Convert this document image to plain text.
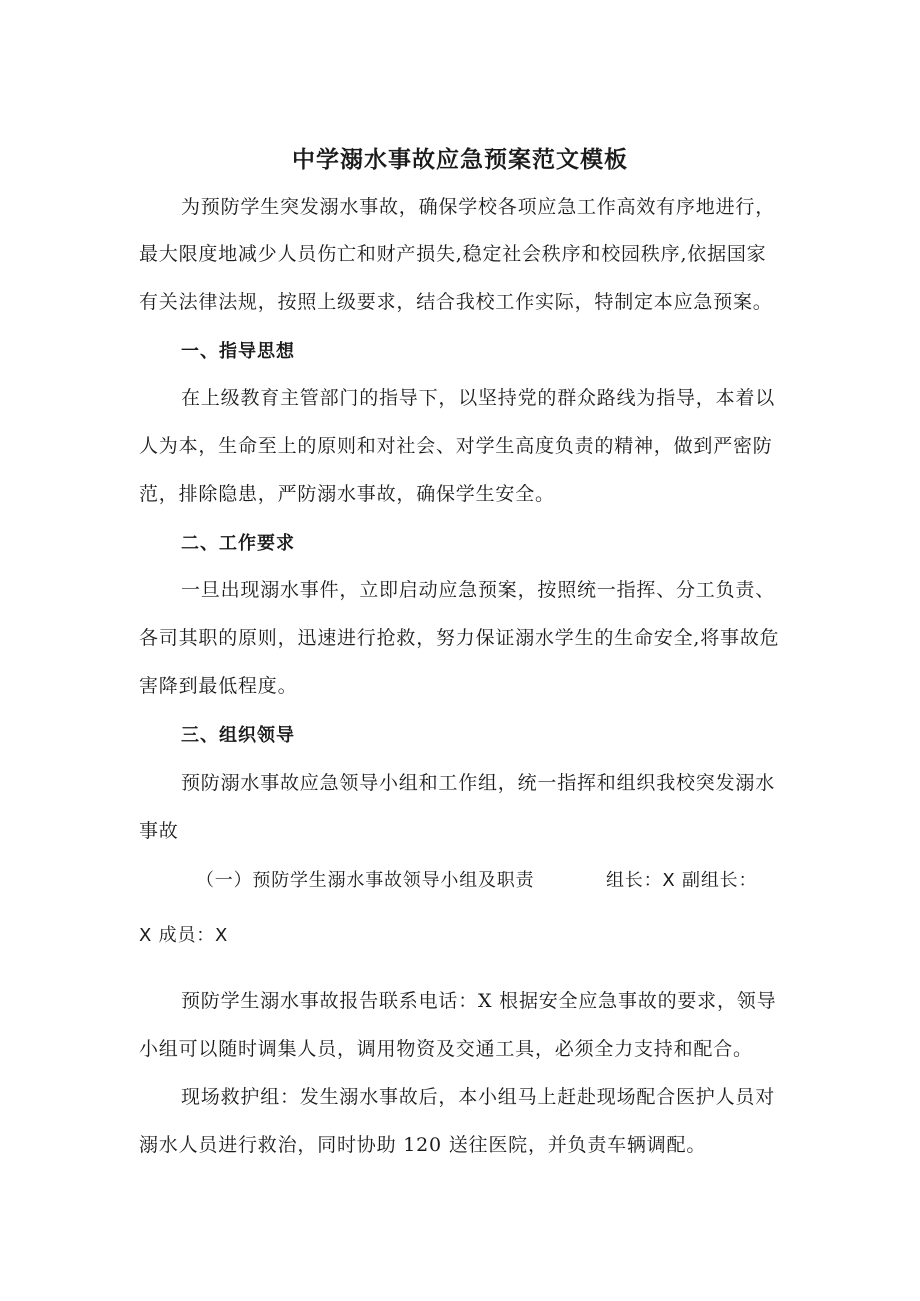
中学溺水事故应急预案范文模板
为预防学生突发溺水事故，确保学校各项应急工作高效有序地进行，
最大限度地减少人员伤亡和财产损失,稳定社会秩序和校园秩序,依据国家
有关法律法规，按照上级要求，结合我校工作实际，特制定本应急预案。
一、指导思想
在上级教育主管部门的指导下，以坚持党的群众路线为指导，本着以
人为本，生命至上的原则和对社会、对学生高度负责的精神，做到严密防
范，排除隐患，严防溺水事故，确保学生安全。
二、工作要求
一旦出现溺水事件，立即启动应急预案，按照统一指挥、分工负责、
各司其职的原则，迅速进行抢救，努力保证溺水学生的生命安全,将事故危
害降到最低程度。
三、组织领导
预防溺水事故应急领导小组和工作组，统一指挥和组织我校突发溺水
事故
（一）预防学生溺水事故领导小组及职责	组长：X 副组长：
X 成员：X
预防学生溺水事故报告联系电话：X 根据安全应急事故的要求，领导
小组可以随时调集人员，调用物资及交通工具，必须全力支持和配合。
现场救护组：发生溺水事故后，本小组马上赶赴现场配合医护人员对
溺水人员进行救治，同时协助 120 送往医院，并负责车辆调配。
